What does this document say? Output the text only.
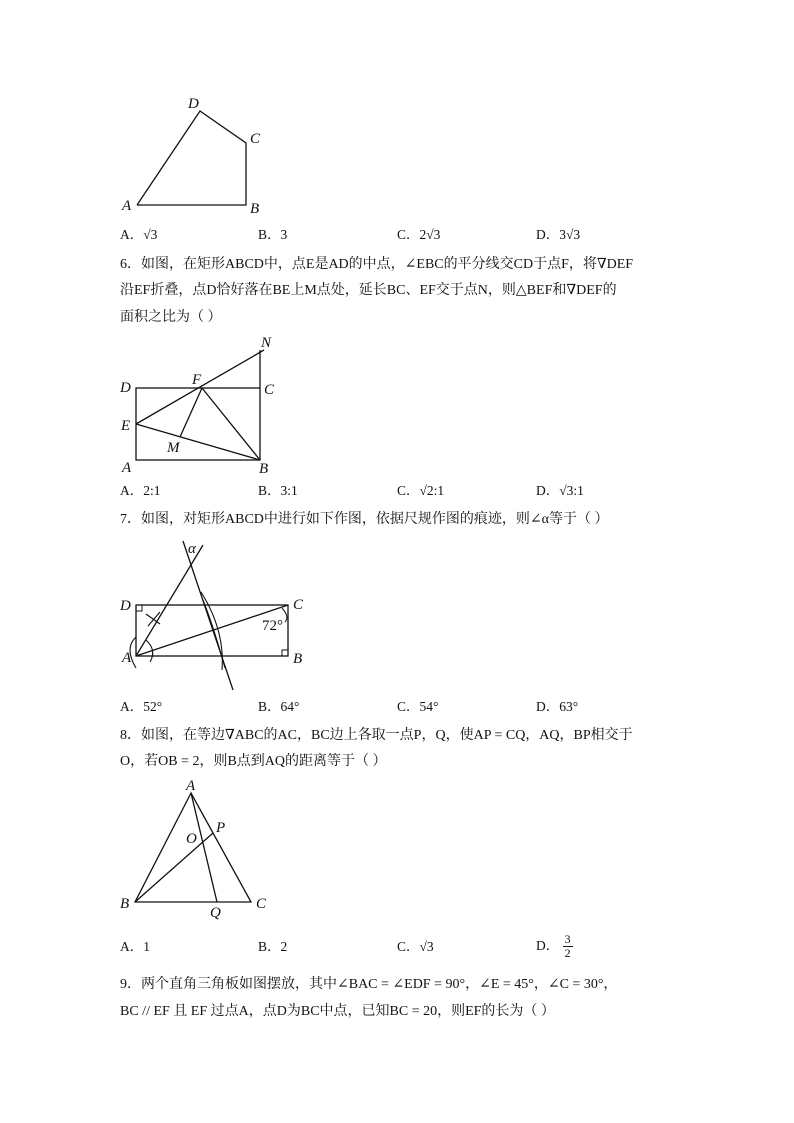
D
C
A	B
A．√3	B．3	C．2√3	D．3√3
6．如图，在矩形ABCD中，点E是AD的中点，∠EBC的平分线交CD于点F，将∇DEF
沿EF折叠，点D恰好落在BE上M点处，延长BC、EF交于点N，则△BEF和∇DEF的
面积之比为（ ）
D	F
C
N
E
M
A	B
A．2:1	B．3:1	C．√2:1	D．√3:1
7．如图，对矩形ABCD中进行如下作图，依据尺规作图的痕迹，则∠α等于（ ）
α
D	C
A	B
72°
A．52°	B．64°	C．54°	D．63°
8．如图，在等边∇ABC的AC，BC边上各取一点P，Q，使AP = CQ，AQ，BP相交于
O，若OB = 2，则B点到AQ的距离等于（ ）
A
P
O
B
Q
C
A．1	B．2	C．√3	D． $\frac{3}{2}$
9．两个直角三角板如图摆放，其中∠BAC = ∠EDF = 90°，∠E = 45°，∠C = 30°，
BC // EF 且 EF 过点A，点D为BC中点，已知BC = 20，则EF的长为（ ）
